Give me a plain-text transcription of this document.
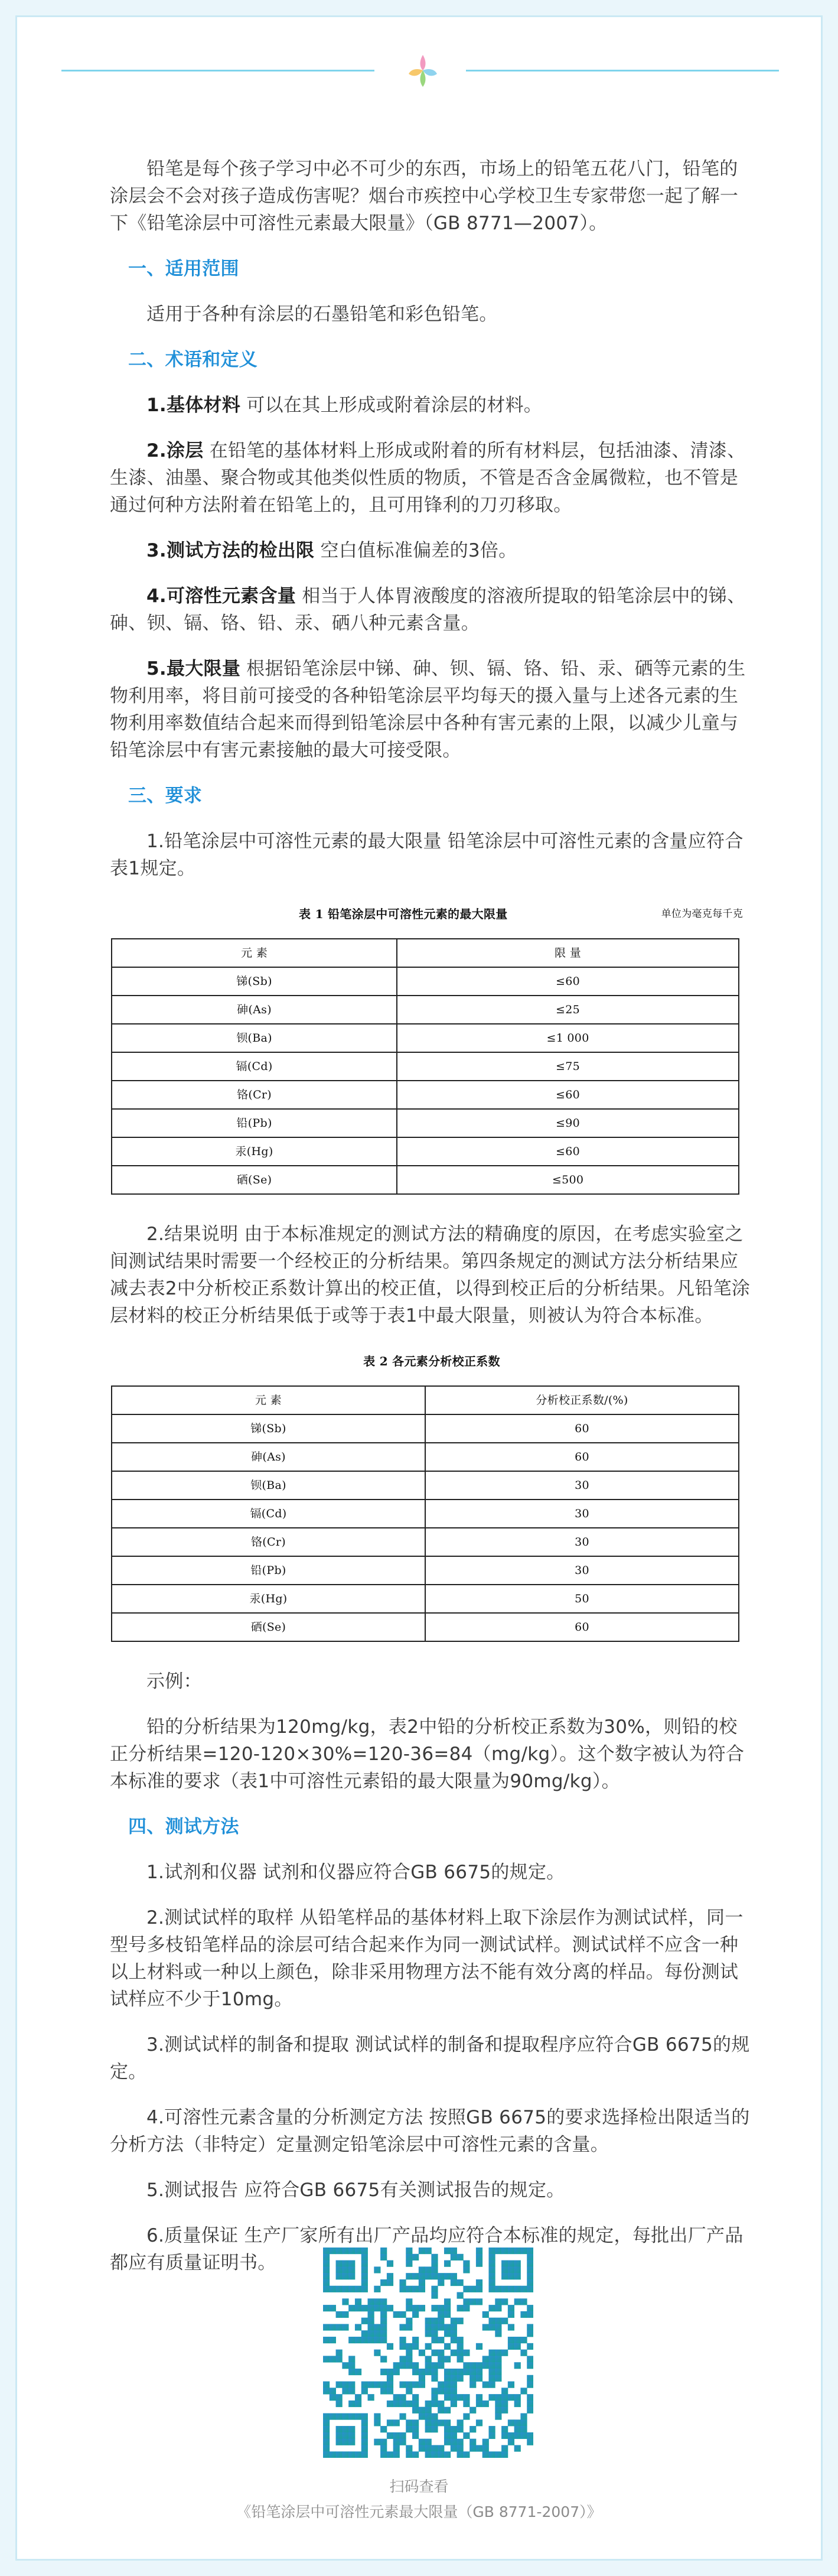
铅笔是每个孩子学习中必不可少的东西，市场上的铅笔五花八门，铅笔的涂层会不会对孩子造成伤害呢？烟台市疾控中心学校卫生专家带您一起了解一下《铅笔涂层中可溶性元素最大限量》（GB 8771—2007）。

一、适用范围

适用于各种有涂层的石墨铅笔和彩色铅笔。

二、术语和定义

1.基体材料 可以在其上形成或附着涂层的材料。

2.涂层 在铅笔的基体材料上形成或附着的所有材料层，包括油漆、清漆、生漆、油墨、聚合物或其他类似性质的物质，不管是否含金属微粒，也不管是通过何种方法附着在铅笔上的，且可用锋利的刀刃移取。

3.测试方法的检出限 空白值标准偏差的3倍。

4.可溶性元素含量 相当于人体胃液酸度的溶液所提取的铅笔涂层中的锑、砷、钡、镉、铬、铅、汞、硒八种元素含量。

5.最大限量 根据铅笔涂层中锑、砷、钡、镉、铬、铅、汞、硒等元素的生物利用率，将目前可接受的各种铅笔涂层平均每天的摄入量与上述各元素的生物利用率数值结合起来而得到铅笔涂层中各种有害元素的上限，以减少儿童与铅笔涂层中有害元素接触的最大可接受限。

三、要求

1.铅笔涂层中可溶性元素的最大限量 铅笔涂层中可溶性元素的含量应符合表1规定。

表 1 铅笔涂层中可溶性元素的最大限量	单位为毫克每千克
元 素	限 量
锑(Sb)	≤60
砷(As)	≤25
钡(Ba)	≤1 000
镉(Cd)	≤75
铬(Cr)	≤60
铅(Pb)	≤90
汞(Hg)	≤60
硒(Se)	≤500

2.结果说明 由于本标准规定的测试方法的精确度的原因，在考虑实验室之间测试结果时需要一个经校正的分析结果。第四条规定的测试方法分析结果应减去表2中分析校正系数计算出的校正值，以得到校正后的分析结果。凡铅笔涂层材料的校正分析结果低于或等于表1中最大限量，则被认为符合本标准。

表 2 各元素分析校正系数
元 素	分析校正系数/(%)
锑(Sb)	60
砷(As)	60
钡(Ba)	30
镉(Cd)	30
铬(Cr)	30
铅(Pb)	30
汞(Hg)	50
硒(Se)	60

示例：

铅的分析结果为120mg/kg，表2中铅的分析校正系数为30%，则铅的校正分析结果=120-120×30%=120-36=84（mg/kg）。这个数字被认为符合本标准的要求（表1中可溶性元素铅的最大限量为90mg/kg）。

四、测试方法

1.试剂和仪器 试剂和仪器应符合GB 6675的规定。

2.测试试样的取样 从铅笔样品的基体材料上取下涂层作为测试试样，同一型号多枝铅笔样品的涂层可结合起来作为同一测试试样。测试试样不应含一种以上材料或一种以上颜色，除非采用物理方法不能有效分离的样品。每份测试试样应不少于10mg。

3.测试试样的制备和提取 测试试样的制备和提取程序应符合GB 6675的规定。

4.可溶性元素含量的分析测定方法 按照GB 6675的要求选择检出限适当的分析方法（非特定）定量测定铅笔涂层中可溶性元素的含量。

5.测试报告 应符合GB 6675有关测试报告的规定。

6.质量保证 生产厂家所有出厂产品均应符合本标准的规定，每批出厂产品都应有质量证明书。

扫码查看
《铅笔涂层中可溶性元素最大限量（GB 8771-2007）》
